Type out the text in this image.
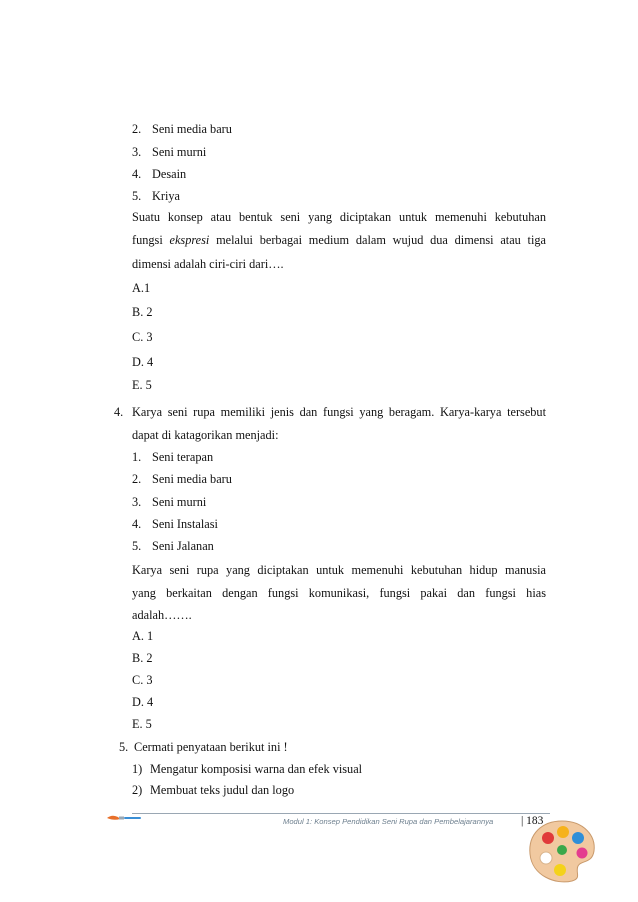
2. Seni media baru
3. Seni murni
4. Desain
5. Kriya
Suatu konsep atau bentuk seni yang diciptakan untuk memenuhi kebutuhan
fungsi ekspresi melalui berbagai medium dalam wujud dua dimensi atau tiga
dimensi adalah ciri-ciri dari….
A.1
B. 2
C. 3
D. 4
E. 5
4. Karya seni rupa memiliki jenis dan fungsi yang beragam. Karya-karya tersebut
dapat di katagorikan menjadi:
1. Seni terapan
2. Seni media baru
3. Seni murni
4. Seni Instalasi
5. Seni Jalanan
Karya seni rupa yang diciptakan untuk memenuhi kebutuhan hidup manusia
yang berkaitan dengan fungsi komunikasi, fungsi pakai dan fungsi hias
adalah…….
A. 1
B. 2
C. 3
D. 4
E. 5
5. Cermati penyataan berikut ini !
1) Mengatur komposisi warna dan efek visual
2) Membuat teks judul dan logo
Modul 1: Konsep Pendidikan Seni Rupa dan Pembelajarannya | 183
